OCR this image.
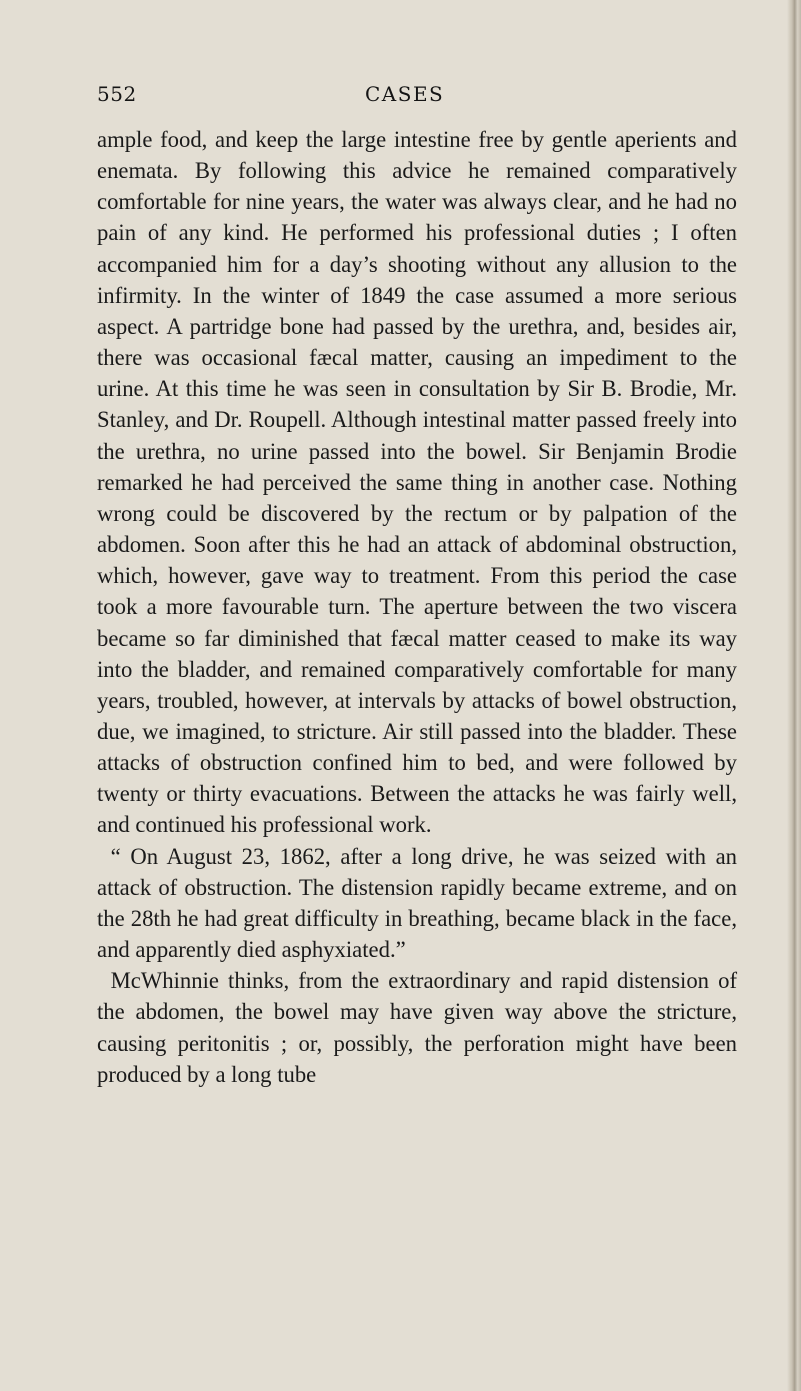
552	CASES

ample food, and keep the large intestine free by gentle aperients and enemata. By following this advice he remained comparatively comfortable for nine years, the water was always clear, and he had no pain of any kind. He performed his professional duties ; I often accompanied him for a day’s shooting without any allusion to the infirmity. In the winter of 1849 the case assumed a more serious aspect. A partridge bone had passed by the urethra, and, besides air, there was occasional fæcal matter, causing an impediment to the urine. At this time he was seen in consultation by Sir B. Brodie, Mr. Stanley, and Dr. Roupell. Although intestinal matter passed freely into the urethra, no urine passed into the bowel. Sir Benjamin Brodie remarked he had perceived the same thing in another case. Nothing wrong could be discovered by the rectum or by palpation of the abdomen. Soon after this he had an attack of abdominal obstruction, which, however, gave way to treatment. From this period the case took a more favourable turn. The aperture between the two viscera became so far diminished that fæcal matter ceased to make its way into the bladder, and remained comparatively comfortable for many years, troubled, however, at intervals by attacks of bowel obstruction, due, we imagined, to stricture. Air still passed into the bladder. These attacks of obstruction confined him to bed, and were followed by twenty or thirty evacuations. Between the attacks he was fairly well, and continued his professional work.

“ On August 23, 1862, after a long drive, he was seized with an attack of obstruction. The distension rapidly became extreme, and on the 28th he had great difficulty in breathing, became black in the face, and apparently died asphyxiated.”

McWhinnie thinks, from the extraordinary and rapid distension of the abdomen, the bowel may have given way above the stricture, causing peritonitis ; or, possibly, the perforation might have been produced by a long tube
